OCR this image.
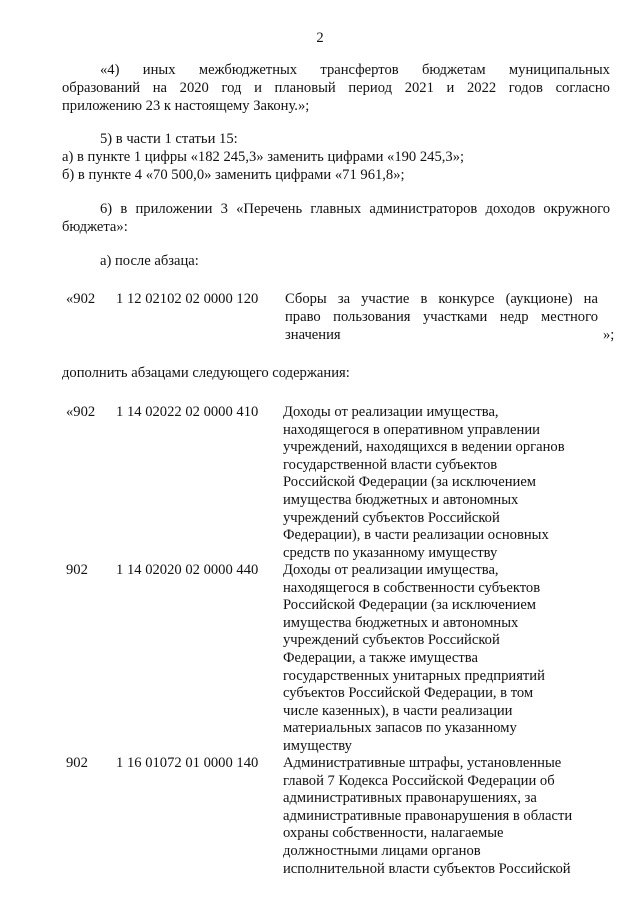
2
«4) иных межбюджетных трансфертов бюджетам муниципальных
образований на 2020 год и плановый период 2021 и 2022 годов согласно
приложению 23 к настоящему Закону.»;
5) в части 1 статьи 15:
а) в пункте 1 цифры «182 245,3» заменить цифрами «190 245,3»;
б) в пункте 4 «70 500,0» заменить цифрами «71 961,8»;
6) в приложении 3 «Перечень главных администраторов доходов окружного
бюджета»:
а) после абзаца:
«902 1 12 02102 02 0000 120 Сборы за участие в конкурсе (аукционе) на
право пользования участками недр местного
значения	»;
дополнить абзацами следующего содержания:
«902 1 14 02022 02 0000 410 Доходы от реализации имущества,
находящегося в оперативном управлении
учреждений, находящихся в ведении органов
государственной власти субъектов
Российской Федерации (за исключением
имущества бюджетных и автономных
учреждений субъектов Российской
Федерации), в части реализации основных
средств по указанному имуществу
902 1 14 02020 02 0000 440 Доходы от реализации имущества,
находящегося в собственности субъектов
Российской Федерации (за исключением
имущества бюджетных и автономных
учреждений субъектов Российской
Федерации, а также имущества
государственных унитарных предприятий
субъектов Российской Федерации, в том
числе казенных), в части реализации
материальных запасов по указанному
имуществу
902 1 16 01072 01 0000 140 Административные штрафы, установленные
главой 7 Кодекса Российской Федерации об
административных правонарушениях, за
административные правонарушения в области
охраны собственности, налагаемые
должностными лицами органов
исполнительной власти субъектов Российской
